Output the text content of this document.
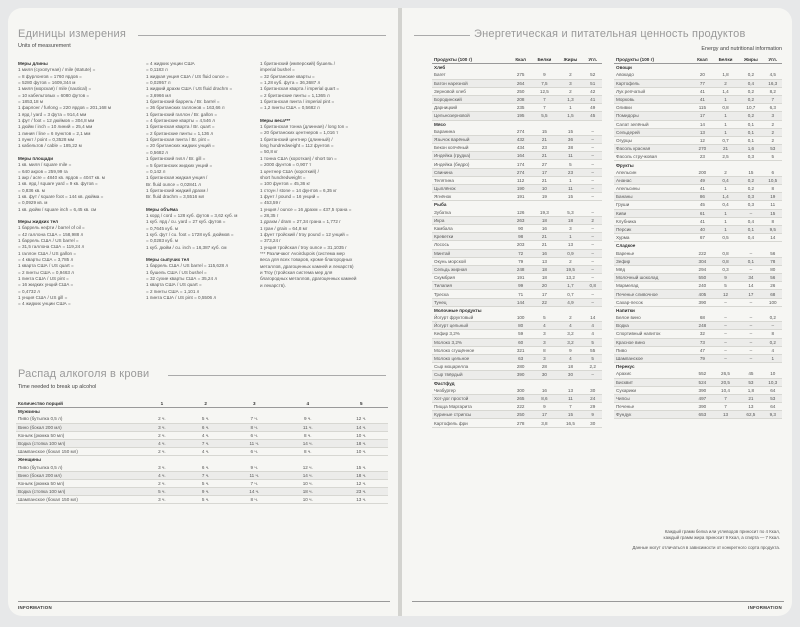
Единицы измерения
Units of measurement
Меры длины
1 миля (сухопутная) / mile (statute) =
= 8 фурлонгов = 1760 ярдов =
= 5280 футов = 1609,344 м
1 миля (морская) / mile (nautical) =
= 10 кабельтовых = 6080 футов =
= 1853,18 м
1 фарлонг / furlong = 220 ярдов = 201,168 м
1 ярд / yard = 3 фута = 914,4 мм
1 фут / foot = 12 дюймов = 304,8 мм
1 дюйм / inch = 10 линий = 25,4 мм
1 линия / line = 6 пунктов = 2,1 мм
1 пункт / point = 0,3528 мм
1 кабельтов / cable = 185,22 м
Меры площади
1 кв. миля / square mile =
= 640 акров = 259,99 га
1 акр / acre = 4840 кв. ярдов = 4047 кв. м
1 кв. ярд / square yard = 9 кв. футов =
= 0,836 кв. м
1 кв. фут / square foot = 144 кв. дюйма =
= 0,0929 кв. м
1 кв. дюйм / square inch = 6,45 кв. см
Меры жидких тел
1 баррель нефти / barrel of oil =
= 42 галлона США = 158,988 л
1 баррель США / US barrel =
= 31,5 галлона США = 119,24 л
1 галлон США / US gallon =
= 4 кварты США = 3,785 л
1 кварта США / US quart =
= 2 пинты США = 0,9463 л
1 пинта США / US pint =
= 16 жидких унций США =
= 0,4732 л
1 унция США / US gill =
= 4 жидких унции США =
= 4 жидких унции США
= 0,1183 л
1 жидкая унция США / US fluid ounce =
= 0,02957 л
1 жидкий драхм США / US fluid drachm =
= 3,6966 мл
1 британский баррель / Br. barrel =
= 36 британских галлонов = 163,66 л
1 британский галлон / Br. gallon =
= 4 британские кварты = 4,546 л
1 британская кварта / Br. quart =
= 2 британские пинты = 1,136 л
1 британская пинта / Br. pint =
= 20 британских жидких унций =
= 0,5682 л
1 британский гилл / Br. gill =
= 5 британских жидких унций =
= 0,142 л
1 британская жидкая унция /
Br. fluid ounce = 0,02841 л
1 британский жидкий драхм /
Br. fluid drachm = 3,5516 мл
Меры объёма
1 корд / cord = 128 куб. футов = 3,62 куб. м
1 куб. ярд / cu. yard = 27 куб. футов =
= 0,7645 куб. м
1 куб. фут / cu. foot = 1728 куб. дюймов =
= 0,0283 куб. м
1 куб. дюйм / cu. inch = 16,387 куб. см
Меры сыпучих тел
1 баррель США / US barrel = 115,628 л
1 бушель США / US bushel =
= 32 сухие кварты США = 35,24 л
1 кварта США / US quart =
= 2 пинты США = 1,101 л
1 пинта США / US pint = 0,5506 л
1 британский (имперский) бушель /
imperial bushel =
= 32 британские кварты =
= 1,28 куб. фута = 36,3687 л
1 британская кварта / imperial quart =
= 2 британские пинты = 1,1365 л
1 британская пинта / imperial pint =
= 1,2 пинты США = 0,5682 л
Меры веса***
1 британская тонна (длинная) / long ton =
= 20 британских центнеров = 1,016 т
1 британский центнер (длинный) /
long hundredweight = 112 фунтов =
= 50,8 кг
1 тонна США (короткая) / short ton =
= 2000 фунтов = 0,907 т
1 центнер США (короткий) /
short hundredweight =
= 100 фунтов = 45,36 кг
1 стоун / stone = 14 фунтов = 6,35 кг
1 фунт / pound = 16 унций =
= 453,59 г
1 унция / ounce = 16 драхм = 437,5 грана =
= 28,35 г
1 драхм / dram = 27,34 грана = 1,772 г
1 гран / grain = 64,8 мг
1 фунт тройский / troy pound = 12 унций =
= 373,24 г
1 унция тройская / troy ounce = 31,1035 г
*** Различают Avoirdupois (система мер
веса для всех товаров, кроме благородных
металлов, драгоценных камней и лекарств)
и Troy (тройская система мер для
благородных металлов, драгоценных камней
и лекарств).
Распад алкоголя в крови
Time needed to break up alcohol
Количество порций	1	2	3	4	5
Мужчины					
Пиво (бутылка 0,5 л)	2 ч.	5 ч.	7 ч.	9 ч.	12 ч.
Вино (бокал 200 мл)	3 ч.	6 ч.	8 ч.	11 ч.	14 ч.
Коньяк (рюмка 50 мл)	2 ч.	4 ч.	6 ч.	8 ч.	10 ч.
Водка (стопка 100 мл)	4 ч.	7 ч.	11 ч.	14 ч.	18 ч.
Шампанское (бокал 150 мл)	2 ч.	4 ч.	6 ч.	8 ч.	10 ч.
Женщины					
Пиво (бутылка 0,5 л)	3 ч.	6 ч.	9 ч.	12 ч.	15 ч.
Вино (бокал 200 мл)	4 ч.	7 ч.	11 ч.	14 ч.	18 ч.
Коньяк (рюмка 50 мл)	2 ч.	5 ч.	7 ч.	10 ч.	12 ч.
Водка (стопка 100 мл)	5 ч.	9 ч.	14 ч.	18 ч.	23 ч.
Шампанское (бокал 150 мл)	3 ч.	5 ч.	8 ч.	10 ч.	13 ч.
INFORMATION
Энергетическая и питательная ценность продуктов
Energy and nutritional information
Продукты (100 г)	Ккал	Белки	Жиры	Угл.
Хлеб				
Багет	275	9	2	52
Батон нарезной	264	7,5	3	51
Зерновой хлеб	250	12,5	2	42
Бородинский	208	7	1,3	41
Дарницкий	235	7	1	49
Цельнозерновой	195	5,5	1,5	45
Мясо				
Баранина	274	15	15	–
Язычок варёный	432	21	36	–
Бекон копчёный	434	23	38	–
Индейка (грудка)	164	21	11	–
Индейка (бедро)	174	27	5	–
Свинина	274	17	23	–
Телятина	112	21	1	–
Цыплёнок	190	10	11	–
Ягнёнок	191	19	15	–
Рыба				
Зубатка	126	19,3	5,3	–
Икра	263	18	18	2
Камбала	90	16	3	–
Креветки	98	21	1	–
Лосось	203	21	13	–
Минтай	72	16	0,9	–
Окунь морской	79	13	2	–
Сельдь жирная	248	18	19,5	–
Скумбрия	191	18	13,2	–
Тилапия	99	20	1,7	0,8
Треска	71	17	0,7	–
Тунец	144	22	4,9	–
Молочные продукты				
Йогурт фруктовый	100	5	2	14
Йогурт цельный	80	4	4	4
Кефир 3,2%	59	3	3,2	4
Молоко 3,2%	60	3	3,2	5
Молоко сгущённое	321	8	9	55
Молоко цельное	63	3	4	5
Сыр моцарелла	280	28	18	2,2
Сыр твёрдый	390	30	30	–
Фастфуд				
Чизбургер	300	16	13	30
Хот-дог простой	265	8,6	11	24
Пицца Маргарита	222	9	7	29
Куриные стрипсы	250	17	15	9
Картофель фри	278	3,8	16,5	30
Продукты (100 г)	Ккал	Белки	Жиры	Угл.
Овощи				
Авокадо	20	1,8	0,2	4,5
Картофель	77	2	0,4	16,3
Лук репчатый	41	1,4	0,2	8,2
Морковь	41	1	0,2	7
Оливки	115	0,8	10,7	6,3
Помидоры	17	1	0,2	3
Салат зелёный	14	1	0,1	2
Сельдерей	13	1	0,1	2
Огурцы	12	0,7	0,1	2
Фасоль красная	270	21	1,6	53
Фасоль стручковая	23	2,5	0,3	5
Фрукты				
Апельсин	200	2	15	6
Ананас	49	0,4	0,2	10,5
Апельсины	41	1	0,2	8
Бананы	86	1,4	0,3	19
Груши	45	0,4	0,3	11
Киви	61	1	–	15
Клубника	41	1	0,4	8
Персик	40	1	0,1	9,5
Хурма	67	0,5	0,4	14
Сладкое				
Варенье	222	0,8	–	56
Зефир	304	0,8	0,1	78
Мёд	294	0,3	–	80
Молочный шоколад	550	9	34	56
Мармелад	240	5	14	26
Печенье сливочное	405	12	17	68
Сахар-песок	390	–	–	100
Напитки				
Белое вино	68	–	–	0,2
Водка	248	–	–	–
Спортивный напиток	32	–	–	8
Красное вино	73	–	–	0,2
Пиво	47	–	–	4
Шампанское	79	–	–	1
Перекус				
Арахис	552	26,5	45	10
Бисквит	524	20,5	53	10,3
Сухарики	390	10,4	1,8	64
Чипсы	497	7	21	53
Печенье	390	7	13	64
Фундук	653	13	62,5	9,3
Каждый грамм белка или углеводов приносит по 4 Ккал,
каждый грамм жира приносит 9 Ккал, а спирта — 7 Ккал.
Данные могут отличаться в зависимости от конкретного сорта продукта.
INFORMATION
